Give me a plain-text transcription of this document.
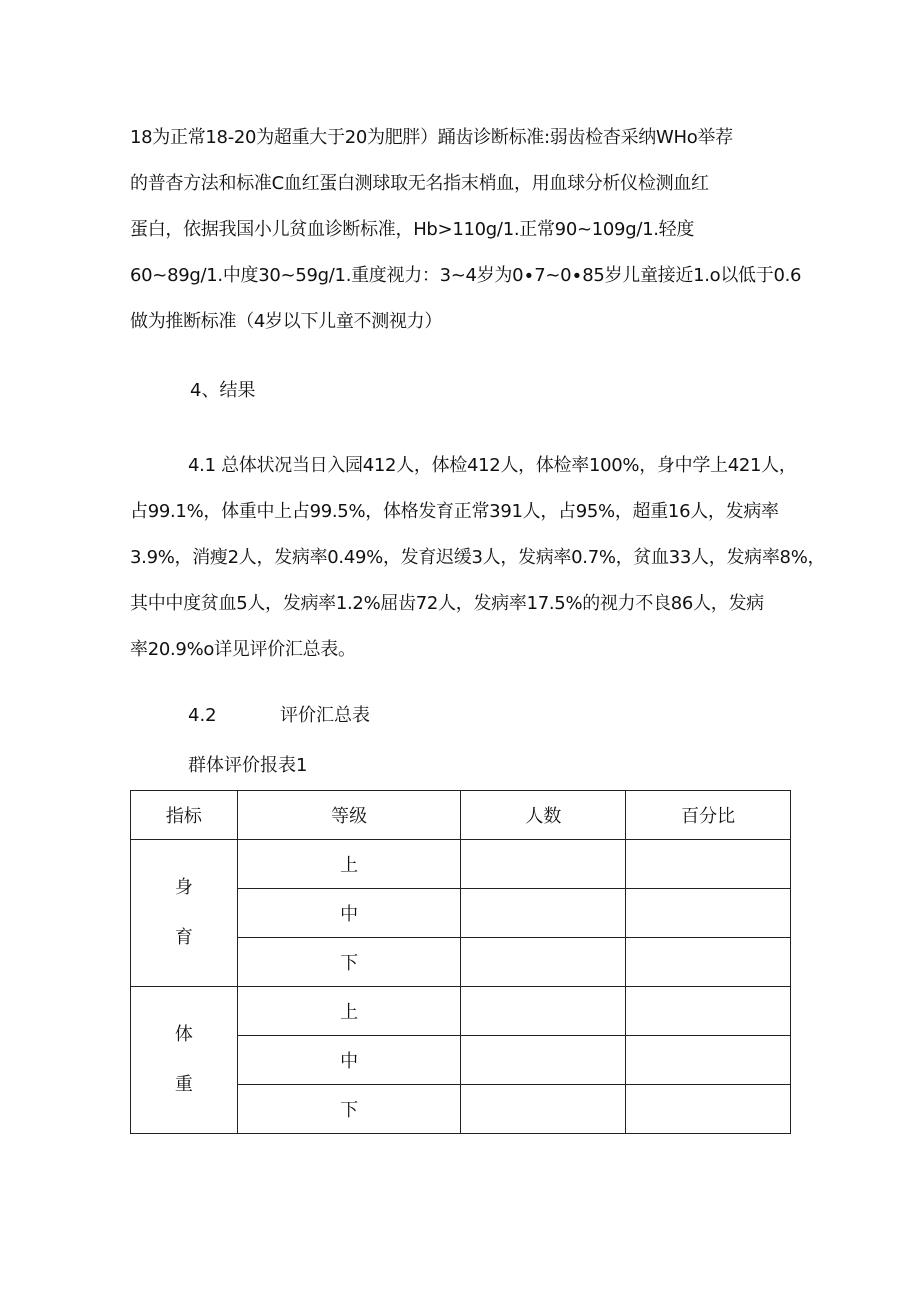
18为正常18-20为超重大于20为肥胖）踊齿诊断标准:弱齿检杳采纳WHo举荐
的普杳方法和标准C血红蛋白测球取无名指末梢血，用血球分析仪检测血红
蛋白，依据我国小儿贫血诊断标准，Hb>110g∕1.正常90~109g∕1.轻度
60~89g∕1.中度30~59g∕1.重度视力：3~4岁为0∙7~0∙85岁儿童接近1.o以低于0.6
做为推断标准（4岁以下儿童不测视力）
4、结果
4.1 总体状况当日入园412人，体检412人，体检率100%，身中学上421人，
占99.1%，体重中上占99.5%，体格发育正常391人，占95%，超重16人，发病率
3.9%，消瘦2人，发病率0.49%，发育迟缓3人，发病率0.7%，贫血33人，发病率8%，
其中中度贫血5人，发病率1.2%屈齿72人，发病率17.5%的视力不良86人，发病
率20.9%o详见评价汇总表。
4.2	评价汇总表
群体评价报表1
指标	等级	人数	百分比

身
育	上		
	中		
	下		

体
重	上		
	中		
	下		
